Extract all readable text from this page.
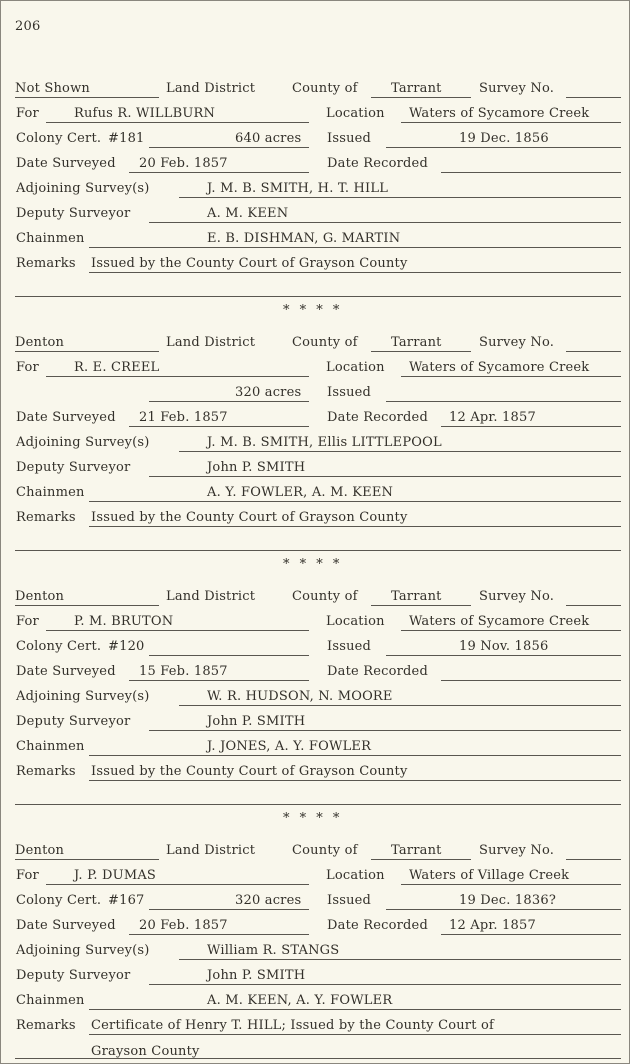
206
Not Shown	Land District	County of	Tarrant	Survey No.
For	Rufus R. WILLBURN	Location Waters of Sycamore Creek
Colony Cert. #181	640 acres Issued	19 Dec. 1856
Date Surveyed 20 Feb. 1857	Date Recorded
Adjoining Survey(s)	J. M. B. SMITH, H. T. HILL
Deputy Surveyor	A. M. KEEN
Chainmen	E. B. DISHMAN, G. MARTIN
Remarks Issued by the County Court of Grayson County
Denton	Land District	County of	Tarrant	Survey No.
For	R. E. CREEL	Location Waters of Sycamore Creek
320 acres Issued
Date Surveyed 21 Feb. 1857	Date Recorded 12 Apr. 1857
Adjoining Survey(s)	J. M. B. SMITH, Ellis LITTLEPOOL
Deputy Surveyor	John P. SMITH
Chainmen	A. Y. FOWLER, A. M. KEEN
Remarks Issued by the County Court of Grayson County
Denton	Land District	County of	Tarrant	Survey No.
For	P. M. BRUTON	Location Waters of Sycamore Creek
Colony Cert. #120	Issued	19 Nov. 1856
Date Surveyed 15 Feb. 1857	Date Recorded
Adjoining Survey(s)	W. R. HUDSON, N. MOORE
Deputy Surveyor	John P. SMITH
Chainmen	J. JONES, A. Y. FOWLER
Remarks Issued by the County Court of Grayson County
Denton	Land District	County of	Tarrant	Survey No.
For	J. P. DUMAS	Location Waters of Village Creek
Colony Cert. #167	320 acres Issued	19 Dec. 1836?
Date Surveyed 20 Feb. 1857	Date Recorded 12 Apr. 1857
Adjoining Survey(s)	William R. STANGS
Deputy Surveyor	John P. SMITH
Chainmen	A. M. KEEN, A. Y. FOWLER
Remarks Certificate of Henry T. HILL; Issued by the County Court of
Grayson County
* * * *
* * * *
* * * *
